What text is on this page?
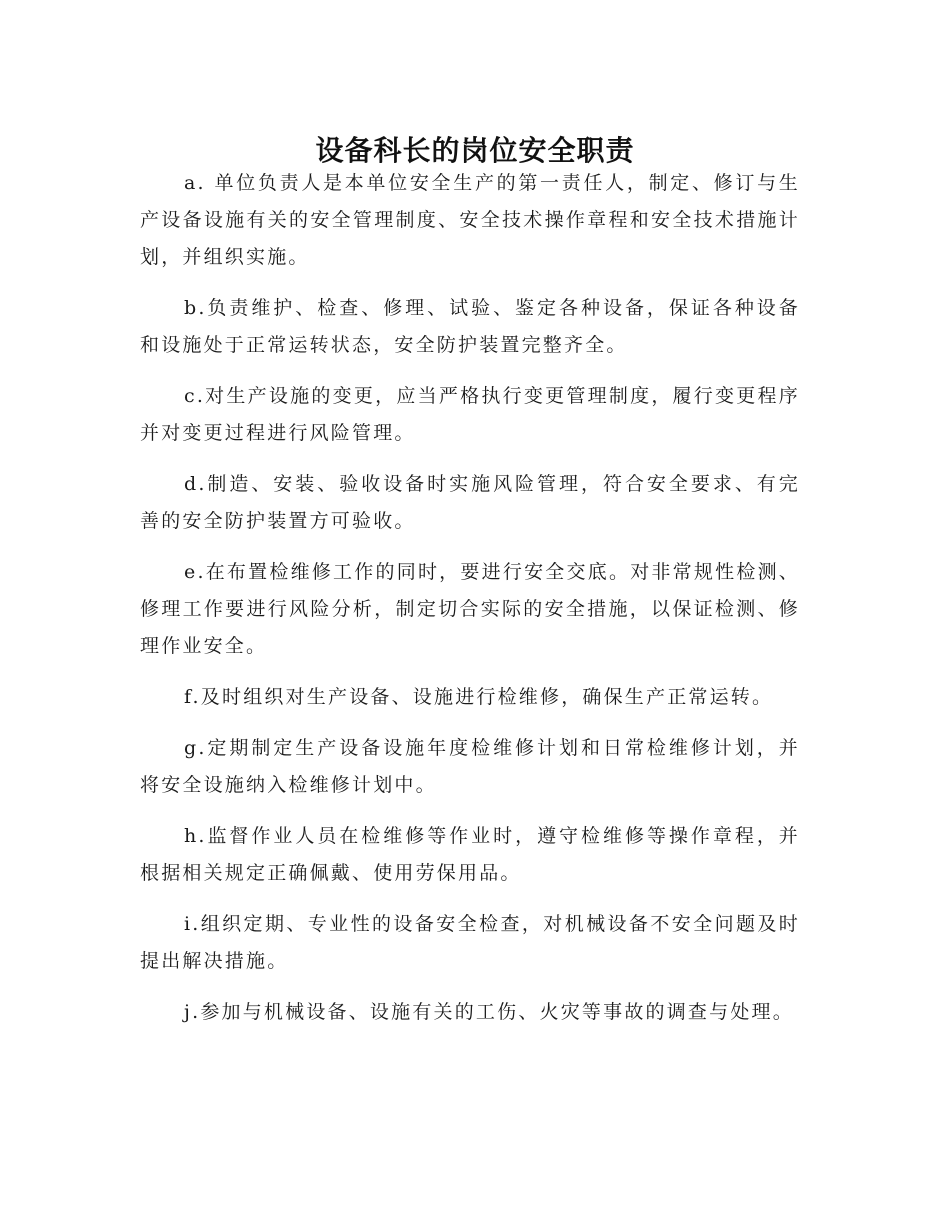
设备科长的岗位安全职责

a. 单位负责人是本单位安全生产的第一责任人，制定、修订与生产设备设施有关的安全管理制度、安全技术操作章程和安全技术措施计划，并组织实施。

b.负责维护、检查、修理、试验、鉴定各种设备，保证各种设备和设施处于正常运转状态，安全防护装置完整齐全。

c.对生产设施的变更，应当严格执行变更管理制度，履行变更程序并对变更过程进行风险管理。

d.制造、安装、验收设备时实施风险管理，符合安全要求、有完善的安全防护装置方可验收。

e.在布置检维修工作的同时，要进行安全交底。对非常规性检测、修理工作要进行风险分析，制定切合实际的安全措施，以保证检测、修理作业安全。

f.及时组织对生产设备、设施进行检维修，确保生产正常运转。

g.定期制定生产设备设施年度检维修计划和日常检维修计划，并将安全设施纳入检维修计划中。

h.监督作业人员在检维修等作业时，遵守检维修等操作章程，并根据相关规定正确佩戴、使用劳保用品。

i.组织定期、专业性的设备安全检查，对机械设备不安全问题及时提出解决措施。

j.参加与机械设备、设施有关的工伤、火灾等事故的调查与处理。
